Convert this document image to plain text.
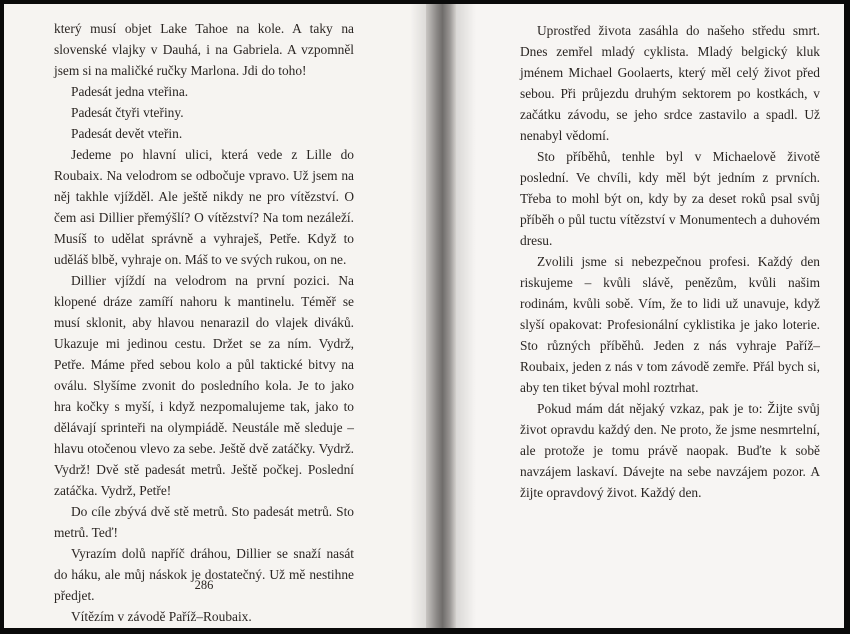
který musí objet Lake Tahoe na kole. A taky na slovenské vlajky v Dauhá, i na Gabriela. A vzpomněl jsem si na maličké ručky Marlona. Jdi do toho!

Padesát jedna vteřina.

Padesát čtyři vteřiny.

Padesát devět vteřin.

Jedeme po hlavní ulici, která vede z Lille do Roubaix. Na velodrom se odbočuje vpravo. Už jsem na něj takhle vjížděl. Ale ještě nikdy ne pro vítězství. O čem asi Dillier přemýšlí? O vítězství? Na tom nezáleží. Musíš to udělat správně a vyhraješ, Petře. Když to uděláš blbě, vyhraje on. Máš to ve svých rukou, on ne.

Dillier vjíždí na velodrom na první pozici. Na klopené dráze zamíří nahoru k mantinelu. Téměř se musí sklonit, aby hlavou nenarazil do vlajek diváků. Ukazuje mi jedinou cestu. Držet se za ním. Vydrž, Petře. Máme před sebou kolo a půl taktické bitvy na oválu. Slyšíme zvonit do posledního kola. Je to jako hra kočky s myší, i když nezpomalujeme tak, jako to dělávají sprinteři na olympiádě. Neustále mě sleduje – hlavu otočenou vlevo za sebe. Ještě dvě zatáčky. Vydrž. Vydrž! Dvě stě padesát metrů. Ještě počkej. Poslední zatáčka. Vydrž, Petře!

Do cíle zbývá dvě stě metrů. Sto padesát metrů. Sto metrů. Teď!

Vyrazím dolů napříč dráhou, Dillier se snaží nasát do háku, ale můj náskok je dostatečný. Už mě nestihne předjet.

Vítězím v závodě Paříž–Roubaix.

286

Uprostřed života zasáhla do našeho středu smrt. Dnes zemřel mladý cyklista. Mladý belgický kluk jménem Michael Goolaerts, který měl celý život před sebou. Při průjezdu druhým sektorem po kostkách, v začátku závodu, se jeho srdce zastavilo a spadl. Už nenabyl vědomí.

Sto příběhů, tenhle byl v Michaelově životě poslední. Ve chvíli, kdy měl být jedním z prvních. Třeba to mohl být on, kdy by za deset roků psal svůj příběh o půl tuctu vítězství v Monumentech a duhovém dresu.

Zvolili jsme si nebezpečnou profesi. Každý den riskujeme – kvůli slávě, penězům, kvůli našim rodinám, kvůli sobě. Vím, že to lidi už unavuje, když slyší opakovat: Profesionální cyklistika je jako loterie. Sto různých příběhů. Jeden z nás vyhraje Paříž–Roubaix, jeden z nás v tom závodě zemře. Přál bych si, aby ten tiket býval mohl roztrhat.

Pokud mám dát nějaký vzkaz, pak je to: Žijte svůj život opravdu každý den. Ne proto, že jsme nesmrtelní, ale protože je tomu právě naopak. Buďte k sobě navzájem laskaví. Dávejte na sebe navzájem pozor. A žijte opravdový život. Každý den.
